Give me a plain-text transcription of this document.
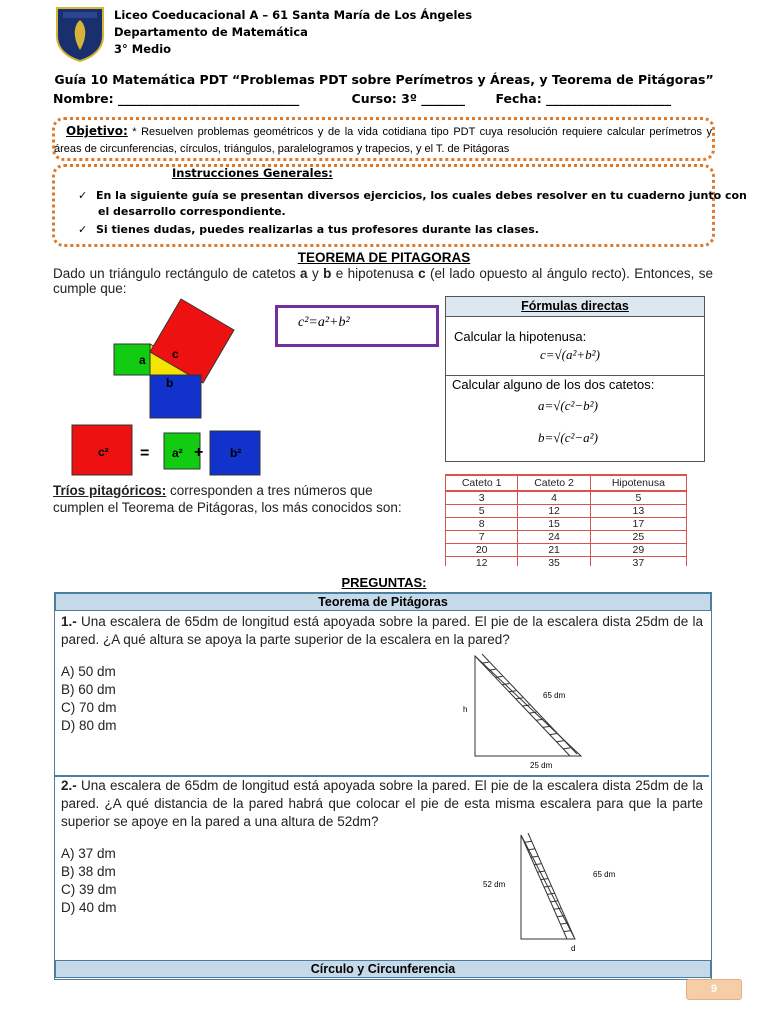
Liceo Coeducacional A – 61 Santa María de Los Ángeles
Departamento de Matemática
3° Medio
Guía 10 Matemática PDT “Problemas PDT sobre Perímetros y Áreas, y Teorema de Pitágoras”
Nombre: _____________________________	Curso: 3º _______ Fecha: ____________________
Objetivo: * Resuelven problemas geométricos y de la vida cotidiana tipo PDT cuya resolución requiere calcular perímetros y áreas de circunferencias, círculos, triángulos, paralelogramos y trapecios, y el T. de Pitágoras
Instrucciones Generales:
✓ En la siguiente guía se presentan diversos ejercicios, los cuales debes resolver en tu cuaderno junto con
el desarrollo correspondiente.
✓ Si tienes dudas, puedes realizarlas a tus profesores durante las clases.
TEOREMA DE PITAGORAS
Dado un triángulo rectángulo de catetos a y b e hipotenusa c (el lado opuesto al ángulo recto). Entonces, se cumple que:
a c
b
c² = a² + b²
c²=a²+b²
Fórmulas directas
Calcular la hipotenusa:
c=√(a²+b²)
Calcular alguno de los dos catetos:
a=√(c²−b²)
b=√(c²−a²)
Tríos pitagóricos: corresponden a tres números que cumplen el Teorema de Pitágoras, los más conocidos son:
Cateto 1	Cateto 2	Hipotenusa
3	4	5
5	12	13
8	15	17
7	24	25
20	21	29
12	35	37
PREGUNTAS:
Teorema de Pitágoras
1.- Una escalera de 65dm de longitud está apoyada sobre la pared. El pie de la escalera dista 25dm de la pared. ¿A qué altura se apoya la parte superior de la escalera en la pared?
A) 50 dm
B) 60 dm
C) 70 dm
D) 80 dm
65 dm
h
25 dm
2.- Una escalera de 65dm de longitud está apoyada sobre la pared. El pie de la escalera dista 25dm de la pared. ¿A qué distancia de la pared habrá que colocar el pie de esta misma escalera para que la parte superior se apoye en la pared a una altura de 52dm?
A) 37 dm
B) 38 dm
C) 39 dm
D) 40 dm
65 dm
52 dm
d
Círculo y Circunferencia
9
